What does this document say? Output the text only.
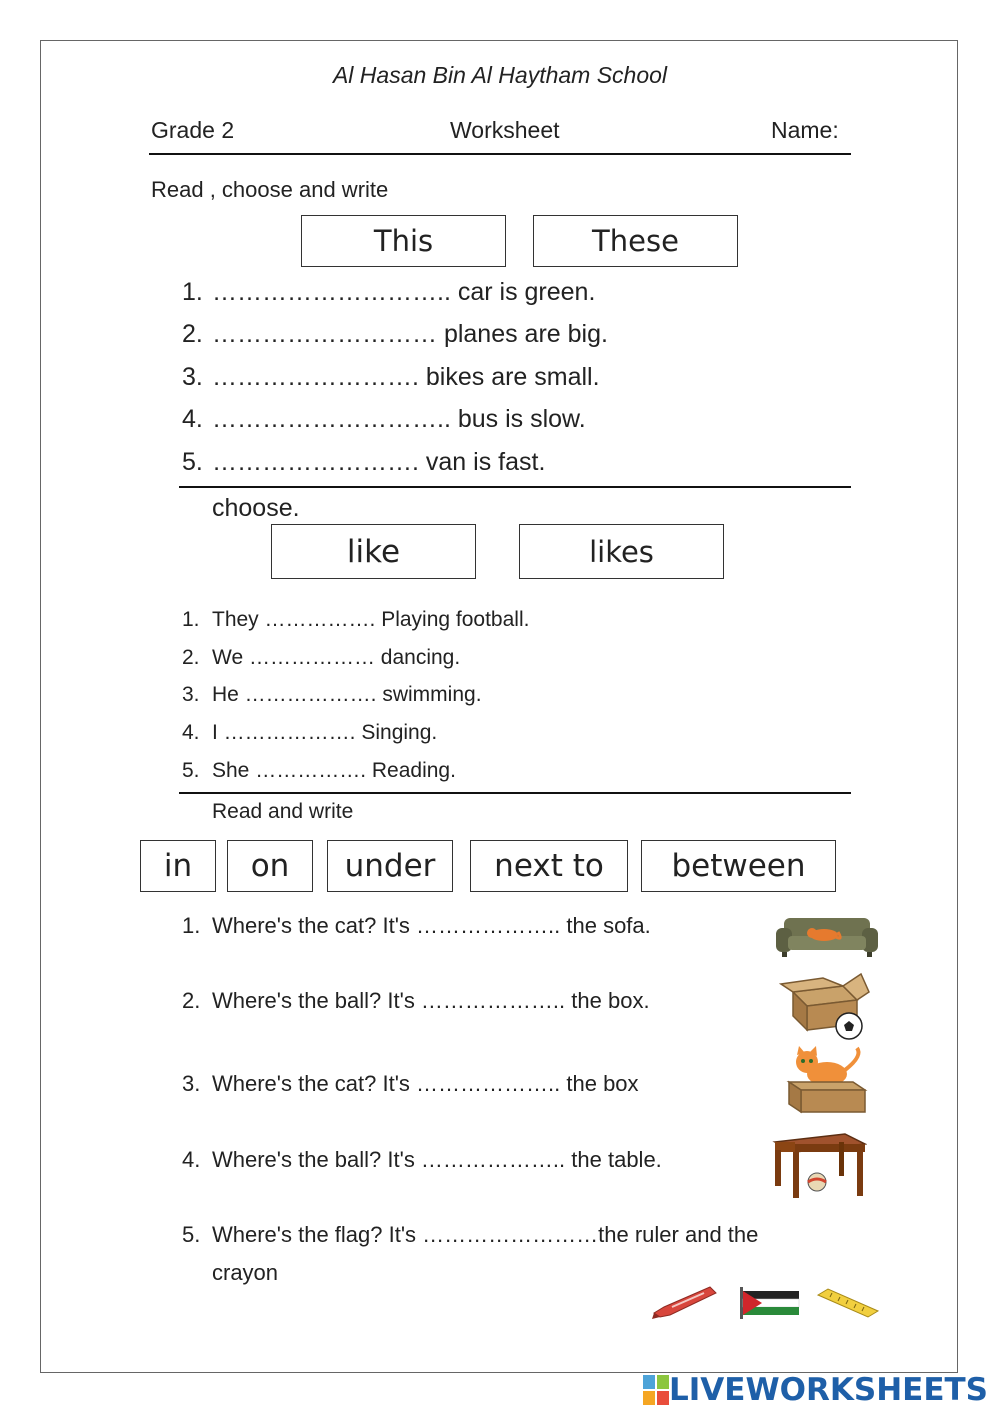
Al Hasan Bin Al Haytham School
Grade 2	Worksheet	Name:
Read , choose and write
This	These
1. ……………………….. car is green.
2. ……………………… planes are big.
3. ……………………. bikes are small.
4. ……………………….. bus is slow.
5. ……………………. van is fast.
choose.
like	likes
1. They ……………. Playing football.
2. We ……………… dancing.
3. He ………………. swimming.
4. I ………………. Singing.
5. She ……………. Reading.
Read and write
in on under next to between
1. Where's the cat? It's ……………….. the sofa.
2. Where's the ball? It's ……………….. the box.
3. Where's the cat? It's ……………….. the box
4. Where's the ball? It's ……………….. the table.
5. Where's the flag? It's ……………………the ruler and the
crayon
LIVEWORKSHEETS
